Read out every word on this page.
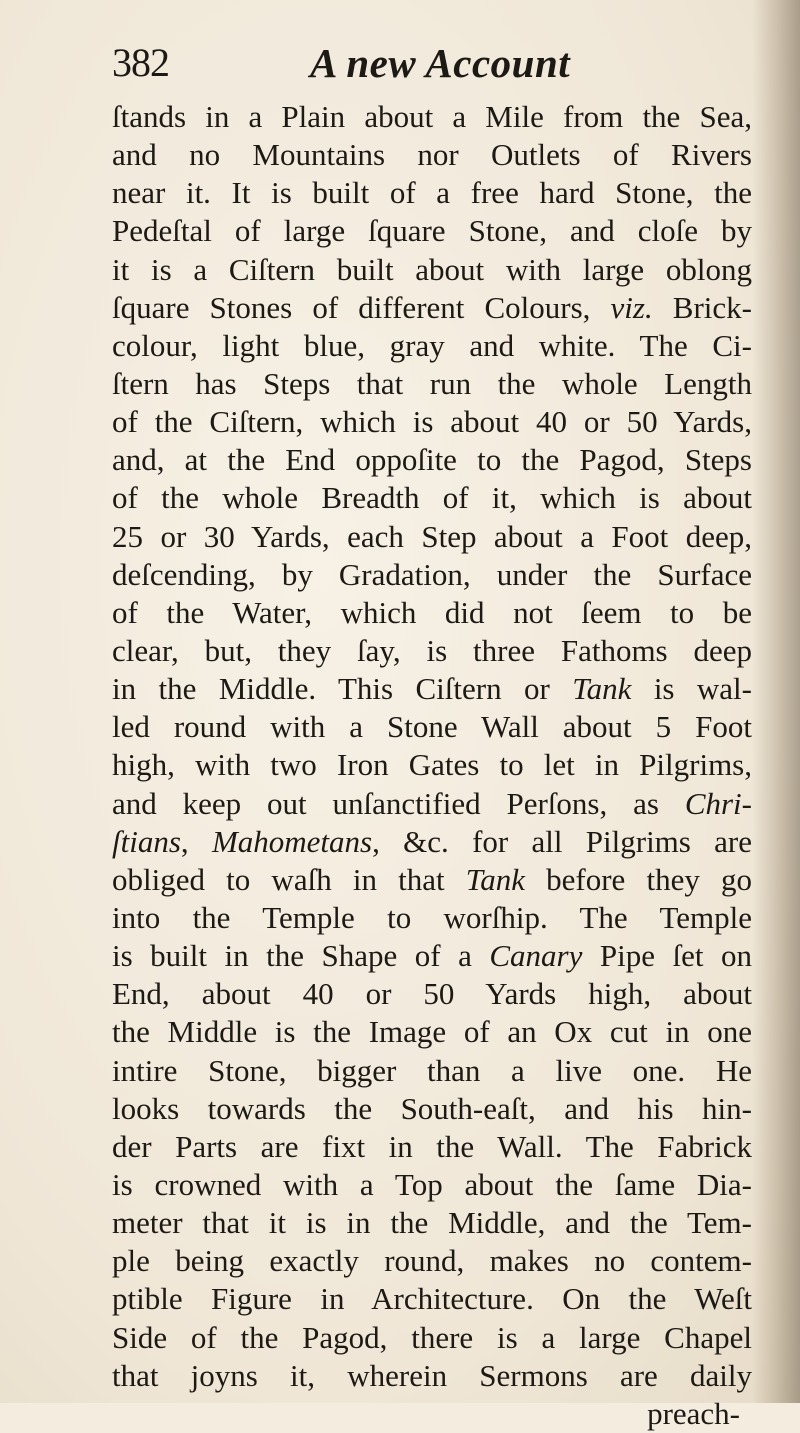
382	A new Account
ſtands in a Plain about a Mile from the Sea,
and no Mountains nor Outlets of Rivers
near it. It is built of a free hard Stone, the
Pedeſtal of large ſquare Stone, and cloſe by
it is a Ciſtern built about with large oblong
ſquare Stones of different Colours, viz. Brick-
colour, light blue, gray and white. The Ci-
ſtern has Steps that run the whole Length
of the Ciſtern, which is about 40 or 50 Yards,
and, at the End oppoſite to the Pagod, Steps
of the whole Breadth of it, which is about
25 or 30 Yards, each Step about a Foot deep,
deſcending, by Gradation, under the Surface
of the Water, which did not ſeem to be
clear, but, they ſay, is three Fathoms deep
in the Middle. This Ciſtern or Tank is wal-
led round with a Stone Wall about 5 Foot
high, with two Iron Gates to let in Pilgrims,
and keep out unſanctified Perſons, as Chri-
ſtians, Mahometans, &c. for all Pilgrims are
obliged to waſh in that Tank before they go
into the Temple to worſhip. The Temple
is built in the Shape of a Canary Pipe ſet on
End, about 40 or 50 Yards high, about
the Middle is the Image of an Ox cut in one
intire Stone, bigger than a live one. He
looks towards the South-eaſt, and his hin-
der Parts are fixt in the Wall. The Fabrick
is crowned with a Top about the ſame Dia-
meter that it is in the Middle, and the Tem-
ple being exactly round, makes no contem-
ptible Figure in Architecture. On the Weſt
Side of the Pagod, there is a large Chapel
that joyns it, wherein Sermons are daily
preach-
